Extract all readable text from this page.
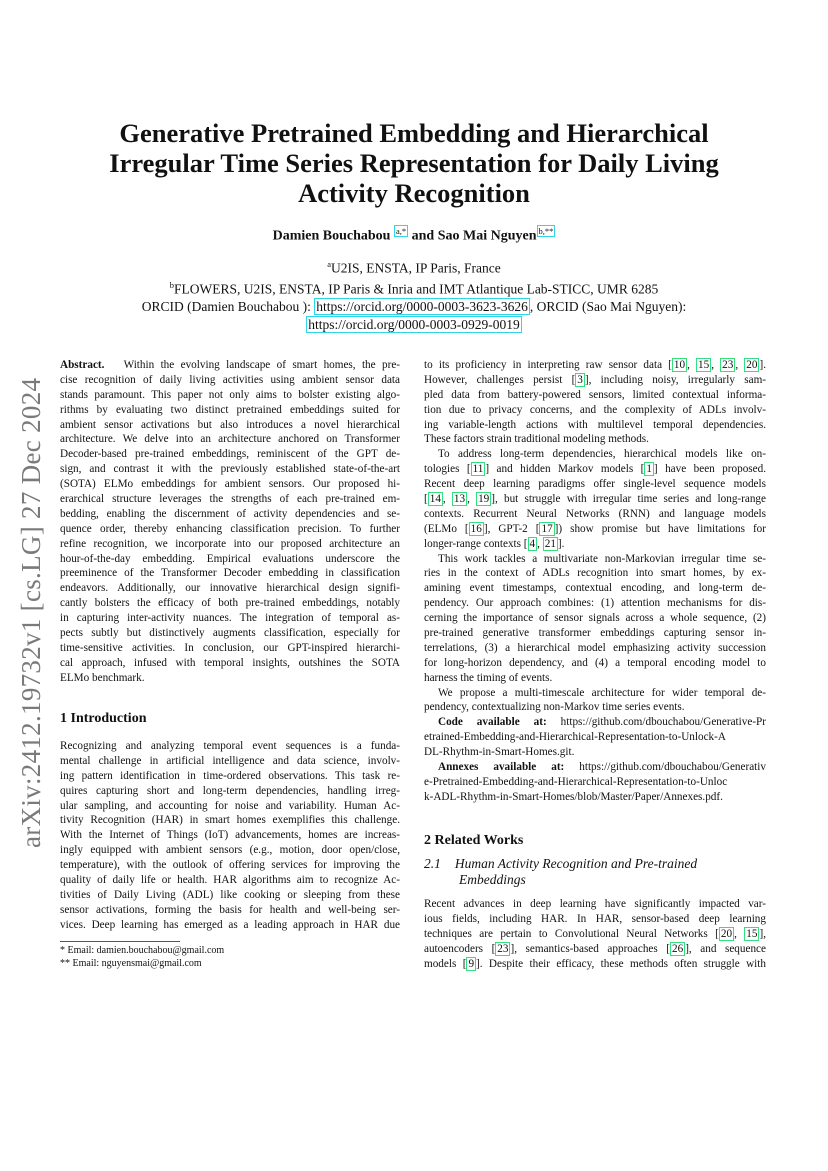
arXiv:2412.19732v1 [cs.LG] 27 Dec 2024
Generative Pretrained Embedding and Hierarchical
Irregular Time Series Representation for Daily Living
Activity Recognition
Damien Bouchabou $^{a,*}$ and Sao Mai Nguyen $^{b,**}$
$^a$U2IS, ENSTA, IP Paris, France
$^b$FLOWERS, U2IS, ENSTA, IP Paris & Inria and IMT Atlantique Lab-STICC, UMR 6285
ORCID (Damien Bouchabou ): https://orcid.org/0000-0003-3623-3626 , ORCID (Sao Mai Nguyen):
https://orcid.org/0000-0003-0929-0019
Abstract. Within the evolving landscape of smart homes, the pre-
cise recognition of daily living activities using ambient sensor data
stands paramount. This paper not only aims to bolster existing algo-
rithms by evaluating two distinct pretrained embeddings suited for
ambient sensor activations but also introduces a novel hierarchical
architecture. We delve into an architecture anchored on Transformer
Decoder-based pre-trained embeddings, reminiscent of the GPT de-
sign, and contrast it with the previously established state-of-the-art
(SOTA) ELMo embeddings for ambient sensors. Our proposed hi-
erarchical structure leverages the strengths of each pre-trained em-
bedding, enabling the discernment of activity dependencies and se-
quence order, thereby enhancing classification precision. To further
refine recognition, we incorporate into our proposed architecture an
hour-of-the-day embedding. Empirical evaluations underscore the
preeminence of the Transformer Decoder embedding in classification
endeavors. Additionally, our innovative hierarchical design signifi-
cantly bolsters the efficacy of both pre-trained embeddings, notably
in capturing inter-activity nuances. The integration of temporal as-
pects subtly but distinctively augments classification, especially for
time-sensitive activities. In conclusion, our GPT-inspired hierarchi-
cal approach, infused with temporal insights, outshines the SOTA
ELMo benchmark.
1 Introduction
Recognizing and analyzing temporal event sequences is a funda-
mental challenge in artificial intelligence and data science, involv-
ing pattern identification in time-ordered observations. This task re-
quires capturing short and long-term dependencies, handling irreg-
ular sampling, and accounting for noise and variability. Human Ac-
tivity Recognition (HAR) in smart homes exemplifies this challenge.
With the Internet of Things (IoT) advancements, homes are increas-
ingly equipped with ambient sensors (e.g., motion, door open/close,
temperature), with the outlook of offering services for improving the
quality of daily life or health. HAR algorithms aim to recognize Ac-
tivities of Daily Living (ADL) like cooking or sleeping from these
sensor activations, forming the basis for health and well-being ser-
vices. Deep learning has emerged as a leading approach in HAR due
* Email: damien.bouchabou@gmail.com
** Email: nguyensmai@gmail.com
to its proficiency in interpreting raw sensor data [ 10 , 15 , 23 , 20 ].
However, challenges persist [ 3 ], including noisy, irregularly sam-
pled data from battery-powered sensors, limited contextual informa-
tion due to privacy concerns, and the complexity of ADLs involv-
ing variable-length actions with multilevel temporal dependencies.
These factors strain traditional modeling methods.
To address long-term dependencies, hierarchical models like on-
tologies [ 11 ] and hidden Markov models [ 1 ] have been proposed.
Recent deep learning paradigms offer single-level sequence models
[ 14 , 13 , 19 ], but struggle with irregular time series and long-range
contexts. Recurrent Neural Networks (RNN) and language models
(ELMo [ 16 ], GPT-2 [ 17 ]) show promise but have limitations for
longer-range contexts [ 4 , 21 ].
This work tackles a multivariate non-Markovian irregular time se-
ries in the context of ADLs recognition into smart homes, by ex-
amining event timestamps, contextual encoding, and long-term de-
pendency. Our approach combines: (1) attention mechanisms for dis-
cerning the importance of sensor signals across a whole sequence, (2)
pre-trained generative transformer embeddings capturing sensor in-
terrelations, (3) a hierarchical model emphasizing activity succession
for long-horizon dependency, and (4) a temporal encoding model to
harness the timing of events.
We propose a multi-timescale architecture for wider temporal de-
pendency, contextualizing non-Markov time series events.
Code available at: https://github.com/dbouchabou/Generative-Pr
etrained-Embedding-and-Hierarchical-Representation-to-Unlock-A
DL-Rhythm-in-Smart-Homes.git.
Annexes available at: https://github.com/dbouchabou/Generativ
e-Pretrained-Embedding-and-Hierarchical-Representation-to-Unloc
k-ADL-Rhythm-in-Smart-Homes/blob/Master/Paper/Annexes.pdf.
2 Related Works
2.1 Human Activity Recognition and Pre-trained
Embeddings
Recent advances in deep learning have significantly impacted var-
ious fields, including HAR. In HAR, sensor-based deep learning
techniques are pertain to Convolutional Neural Networks [ 20 , 15 ],
autoencoders [ 23 ], semantics-based approaches [ 26 ], and sequence
models [ 9 ]. Despite their efficacy, these methods often struggle with
